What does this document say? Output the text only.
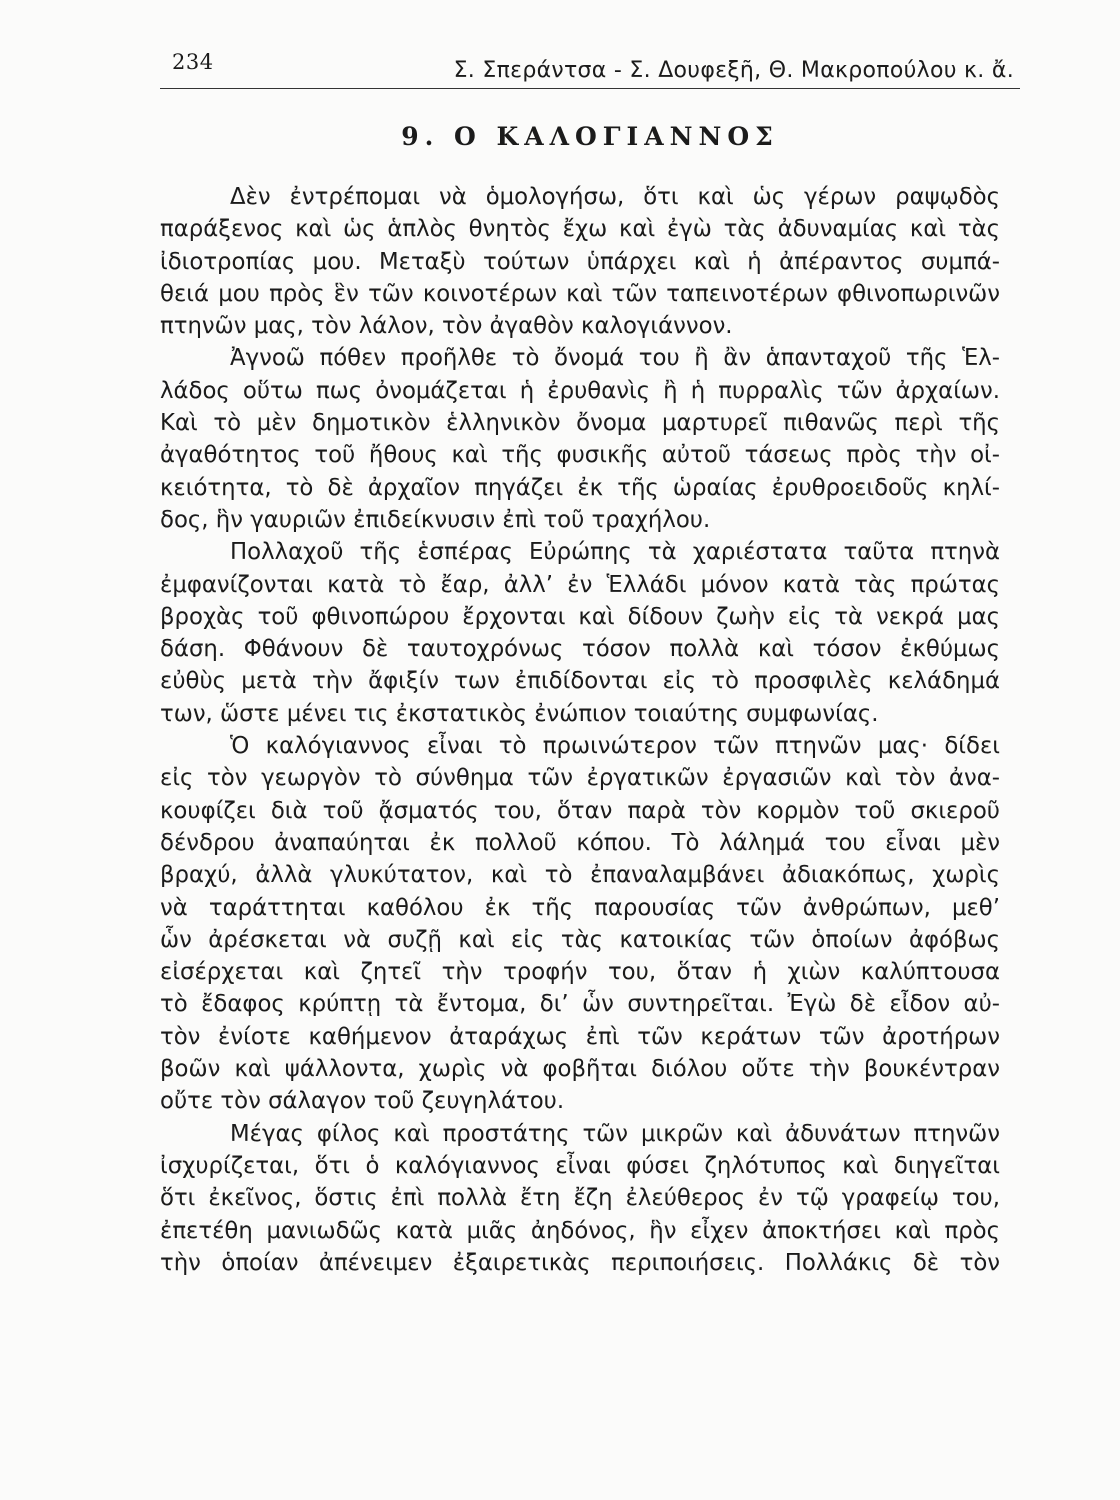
234	Σ. Σπεράντσα - Σ. Δουφεξῆ, Θ. Μακροπούλου κ. ἄ.
9. Ο ΚΑΛΟΓΙΑΝΝΟΣ
Δὲν ἐντρέπομαι νὰ ὁμολογήσω, ὅτι καὶ ὡς γέρων ραψῳδὸς
παράξενος καὶ ὡς ἁπλὸς θνητὸς ἔχω καὶ ἐγὼ τὰς ἀδυναμίας καὶ τὰς
ἰδιοτροπίας μου. Μεταξὺ τούτων ὑπάρχει καὶ ἡ ἀπέραντος συμπά-
θειά μου πρὸς ἓν τῶν κοινοτέρων καὶ τῶν ταπεινοτέρων φθινοπωρινῶν
πτηνῶν μας, τὸν λάλον, τὸν ἀγαθὸν καλογιάννον.
Ἀγνοῶ πόθεν προῆλθε τὸ ὄνομά του ἢ ἂν ἁπανταχοῦ τῆς Ἑλ-
λάδος οὕτω πως ὀνομάζεται ἡ ἐρυθανὶς ἢ ἡ πυρραλὶς τῶν ἀρχαίων.
Καὶ τὸ μὲν δημοτικὸν ἑλληνικὸν ὄνομα μαρτυρεῖ πιθανῶς περὶ τῆς
ἀγαθότητος τοῦ ἤθους καὶ τῆς φυσικῆς αὐτοῦ τάσεως πρὸς τὴν οἰ-
κειότητα, τὸ δὲ ἀρχαῖον πηγάζει ἐκ τῆς ὡραίας ἐρυθροειδοῦς κηλί-
δος, ἣν γαυριῶν ἐπιδείκνυσιν ἐπὶ τοῦ τραχήλου.
Πολλαχοῦ τῆς ἑσπέρας Εὐρώπης τὰ χαριέστατα ταῦτα πτηνὰ
ἐμφανίζονται κατὰ τὸ ἔαρ, ἀλλ’ ἐν Ἑλλάδι μόνον κατὰ τὰς πρώτας
βροχὰς τοῦ φθινοπώρου ἔρχονται καὶ δίδουν ζωὴν εἰς τὰ νεκρά μας
δάση. Φθάνουν δὲ ταυτοχρόνως τόσον πολλὰ καὶ τόσον ἐκθύμως
εὐθὺς μετὰ τὴν ἄφιξίν των ἐπιδίδονται εἰς τὸ προσφιλὲς κελάδημά
των, ὥστε μένει τις ἐκστατικὸς ἐνώπιον τοιαύτης συμφωνίας.
Ὁ καλόγιαννος εἶναι τὸ πρωινώτερον τῶν πτηνῶν μας· δίδει
εἰς τὸν γεωργὸν τὸ σύνθημα τῶν ἐργατικῶν ἐργασιῶν καὶ τὸν ἀνα-
κουφίζει διὰ τοῦ ᾄσματός του, ὅταν παρὰ τὸν κορμὸν τοῦ σκιεροῦ
δένδρου ἀναπαύηται ἐκ πολλοῦ κόπου. Τὸ λάλημά του εἶναι μὲν
βραχύ, ἀλλὰ γλυκύτατον, καὶ τὸ ἐπαναλαμβάνει ἀδιακόπως, χωρὶς
νὰ ταράττηται καθόλου ἐκ τῆς παρουσίας τῶν ἀνθρώπων, μεθ’
ὧν ἀρέσκεται νὰ συζῇ καὶ εἰς τὰς κατοικίας τῶν ὁποίων ἀφόβως
εἰσέρχεται καὶ ζητεῖ τὴν τροφήν του, ὅταν ἡ χιὼν καλύπτουσα
τὸ ἔδαφος κρύπτῃ τὰ ἔντομα, δι’ ὧν συντηρεῖται. Ἐγὼ δὲ εἶδον αὐ-
τὸν ἐνίοτε καθήμενον ἀταράχως ἐπὶ τῶν κεράτων τῶν ἀροτήρων
βοῶν καὶ ψάλλοντα, χωρὶς νὰ φοβῆται διόλου οὔτε τὴν βουκέντραν
οὔτε τὸν σάλαγον τοῦ ζευγηλάτου.
Μέγας φίλος καὶ προστάτης τῶν μικρῶν καὶ ἀδυνάτων πτηνῶν
ἰσχυρίζεται, ὅτι ὁ καλόγιαννος εἶναι φύσει ζηλότυπος καὶ διηγεῖται
ὅτι ἐκεῖνος, ὅστις ἐπὶ πολλὰ ἔτη ἔζη ἐλεύθερος ἐν τῷ γραφείῳ του,
ἐπετέθη μανιωδῶς κατὰ μιᾶς ἀηδόνος, ἣν εἶχεν ἀποκτήσει καὶ πρὸς
τὴν ὁποίαν ἀπένειμεν ἐξαιρετικὰς περιποιήσεις. Πολλάκις δὲ τὸν
